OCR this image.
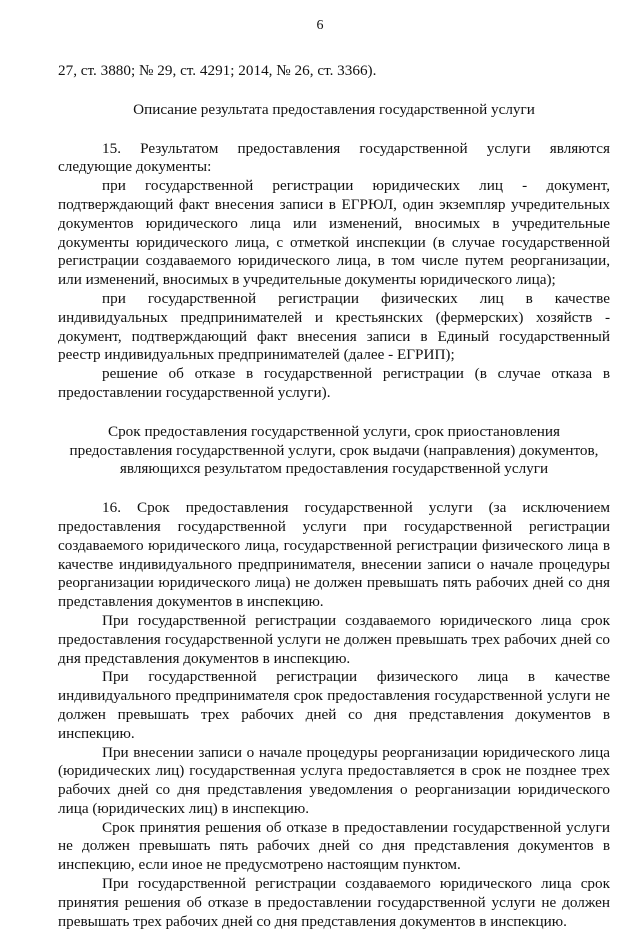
6

27, ст. 3880; № 29, ст. 4291; 2014, № 26, ст. 3366).

Описание результата предоставления государственной услуги

15. Результатом предоставления государственной услуги являются следующие документы:

при государственной регистрации юридических лиц - документ, подтверждающий факт внесения записи в ЕГРЮЛ, один экземпляр учредительных документов юридического лица или изменений, вносимых в учредительные документы юридического лица, с отметкой инспекции (в случае государственной регистрации создаваемого юридического лица, в том числе путем реорганизации, или изменений, вносимых в учредительные документы юридического лица);

при государственной регистрации физических лиц в качестве индивидуальных предпринимателей и крестьянских (фермерских) хозяйств - документ, подтверждающий факт внесения записи в Единый государственный реестр индивидуальных предпринимателей (далее - ЕГРИП);

решение об отказе в государственной регистрации (в случае отказа в предоставлении государственной услуги).

Срок предоставления государственной услуги, срок приостановления предоставления государственной услуги, срок выдачи (направления) документов, являющихся результатом предоставления государственной услуги

16. Срок предоставления государственной услуги (за исключением предоставления государственной услуги при государственной регистрации создаваемого юридического лица, государственной регистрации физического лица в качестве индивидуального предпринимателя, внесении записи о начале процедуры реорганизации юридического лица) не должен превышать пять рабочих дней со дня представления документов в инспекцию.

При государственной регистрации создаваемого юридического лица срок предоставления государственной услуги не должен превышать трех рабочих дней со дня представления документов в инспекцию.

При государственной регистрации физического лица в качестве индивидуального предпринимателя срок предоставления государственной услуги не должен превышать трех рабочих дней со дня представления документов в инспекцию.

При внесении записи о начале процедуры реорганизации юридического лица (юридических лиц) государственная услуга предоставляется в срок не позднее трех рабочих дней со дня представления уведомления о реорганизации юридического лица (юридических лиц) в инспекцию.

Срок принятия решения об отказе в предоставлении государственной услуги не должен превышать пять рабочих дней со дня представления документов в инспекцию, если иное не предусмотрено настоящим пунктом.

При государственной регистрации создаваемого юридического лица срок принятия решения об отказе в предоставлении государственной услуги не должен превышать трех рабочих дней со дня представления документов в инспекцию.
